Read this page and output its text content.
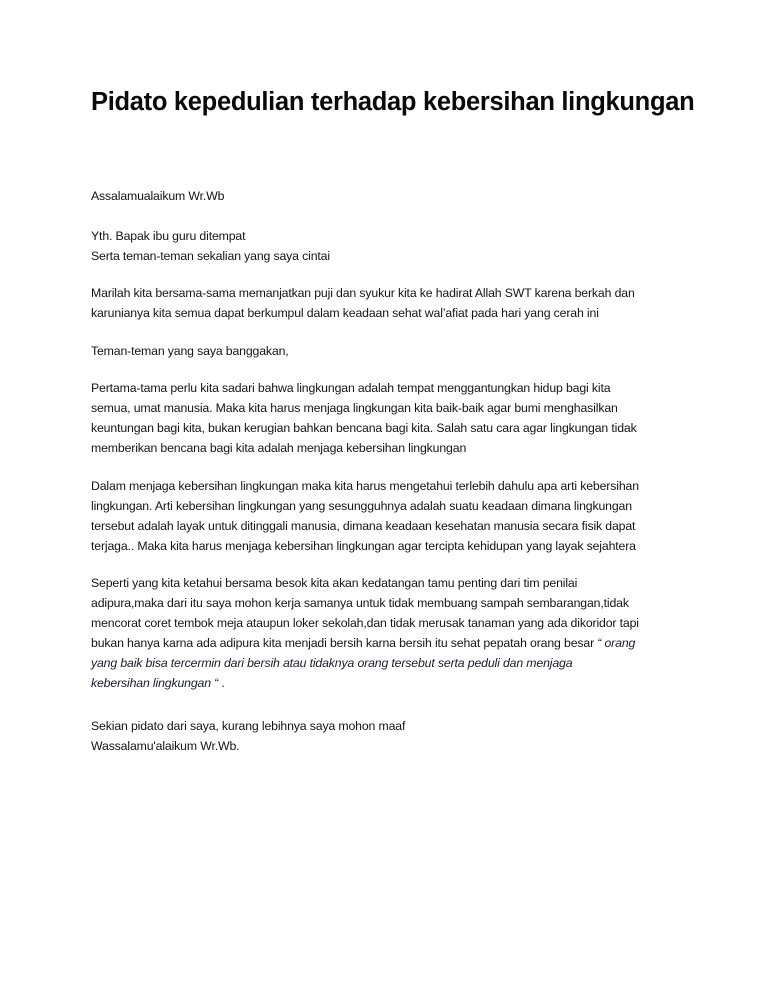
Pidato kepedulian terhadap kebersihan lingkungan
Assalamualaikum Wr.Wb
Yth. Bapak ibu guru ditempat
Serta teman-teman sekalian yang saya cintai
Marilah kita bersama-sama memanjatkan puji dan syukur kita ke hadirat Allah SWT karena berkah dan
karunianya kita semua dapat berkumpul dalam keadaan sehat wal’afiat pada hari yang cerah ini
Teman-teman yang saya banggakan,
Pertama-tama perlu kita sadari bahwa lingkungan adalah tempat menggantungkan hidup bagi kita
semua, umat manusia. Maka kita harus menjaga lingkungan kita baik-baik agar bumi menghasilkan
keuntungan bagi kita, bukan kerugian bahkan bencana bagi kita. Salah satu cara agar lingkungan tidak
memberikan bencana bagi kita adalah menjaga kebersihan lingkungan
Dalam menjaga kebersihan lingkungan maka kita harus mengetahui terlebih dahulu apa arti kebersihan
lingkungan. Arti kebersihan lingkungan yang sesungguhnya adalah suatu keadaan dimana lingkungan
tersebut adalah layak untuk ditinggali manusia, dimana keadaan kesehatan manusia secara fisik dapat
terjaga.. Maka kita harus menjaga kebersihan lingkungan agar tercipta kehidupan yang layak sejahtera
Seperti yang kita ketahui bersama besok kita akan kedatangan tamu penting dari tim penilai
adipura,maka dari itu saya mohon kerja samanya untuk tidak membuang sampah sembarangan,tidak
mencorat coret tembok meja ataupun loker sekolah,dan tidak merusak tanaman yang ada dikoridor tapi
bukan hanya karna ada adipura kita menjadi bersih karna bersih itu sehat pepatah orang besar “ orang
yang baik bisa tercermin dari bersih atau tidaknya orang tersebut serta peduli dan menjaga
kebersihan lingkungan “ .
Sekian pidato dari saya, kurang lebihnya saya mohon maaf
Wassalamu'alaikum Wr.Wb.
